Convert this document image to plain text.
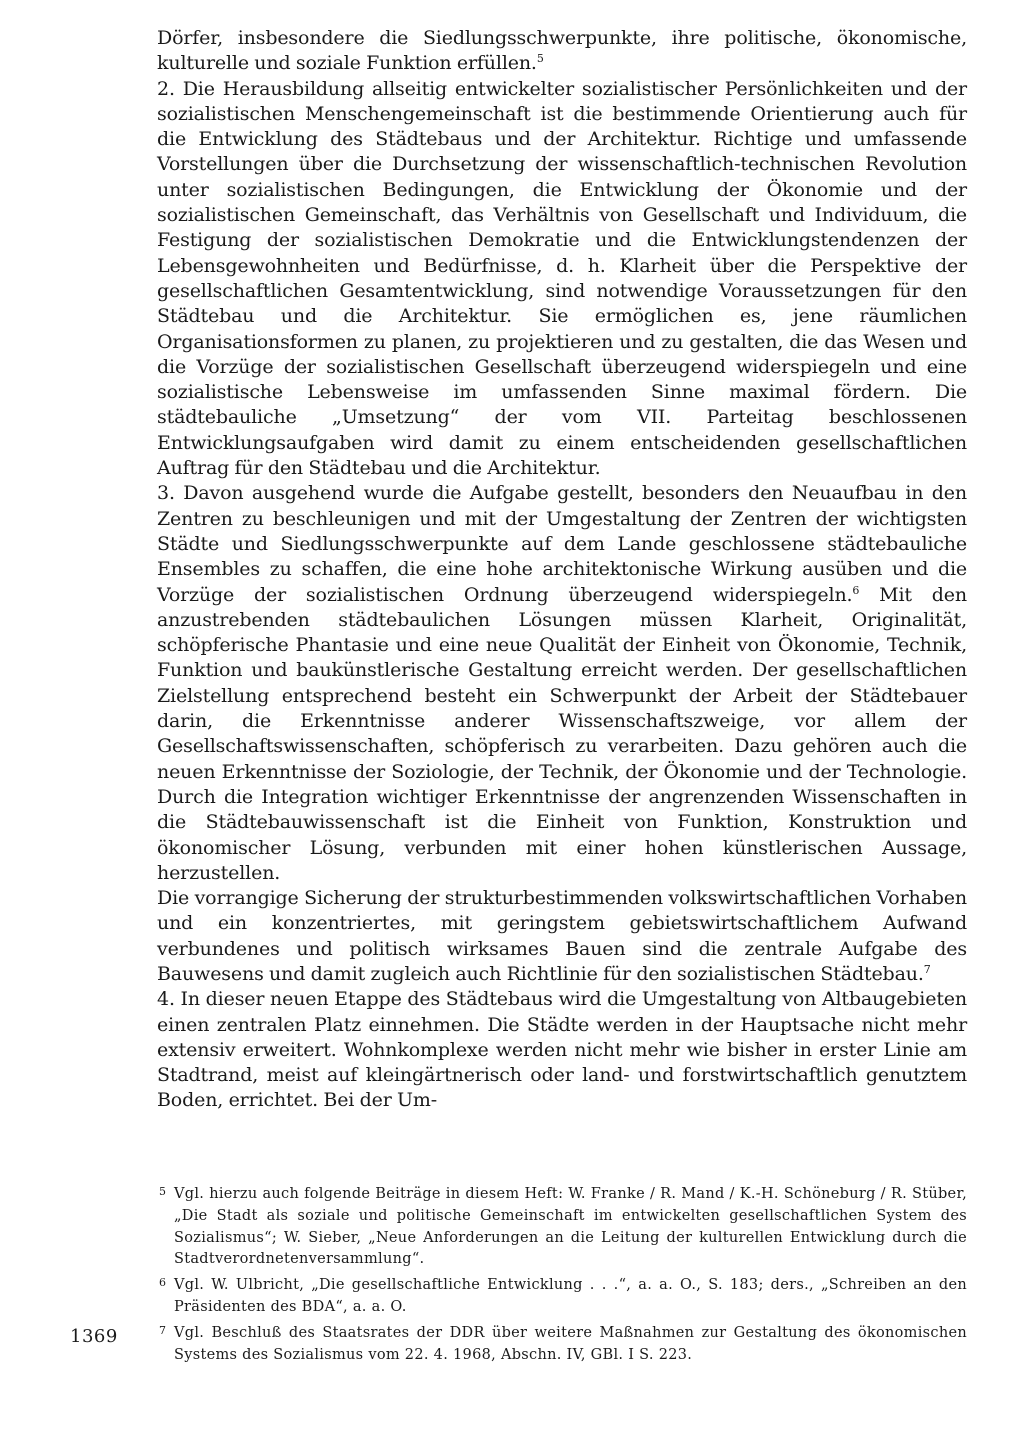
Dörfer, insbesondere die Siedlungsschwerpunkte, ihre politische, ökonomische, kulturelle und soziale Funktion erfüllen.$^5$

2. Die Herausbildung allseitig entwickelter sozialistischer Persönlichkeiten und der sozialistischen Menschengemeinschaft ist die bestimmende Orientierung auch für die Entwicklung des Städtebaus und der Architektur. Richtige und umfassende Vorstellungen über die Durchsetzung der wissenschaftlich-technischen Revolution unter sozialistischen Bedingungen, die Entwicklung der Ökonomie und der sozialistischen Gemeinschaft, das Verhältnis von Gesellschaft und Individuum, die Festigung der sozialistischen Demokratie und die Entwicklungstendenzen der Lebensgewohnheiten und Bedürfnisse, d. h. Klarheit über die Perspektive der gesellschaftlichen Gesamtentwicklung, sind notwendige Voraussetzungen für den Städtebau und die Architektur. Sie ermöglichen es, jene räumlichen Organisationsformen zu planen, zu projektieren und zu gestalten, die das Wesen und die Vorzüge der sozialistischen Gesellschaft überzeugend widerspiegeln und eine sozialistische Lebensweise im umfassenden Sinne maximal fördern. Die städtebauliche „Umsetzung“ der vom VII. Parteitag beschlossenen Entwicklungsaufgaben wird damit zu einem entscheidenden gesellschaftlichen Auftrag für den Städtebau und die Architektur.

3. Davon ausgehend wurde die Aufgabe gestellt, besonders den Neuaufbau in den Zentren zu beschleunigen und mit der Umgestaltung der Zentren der wichtigsten Städte und Siedlungsschwerpunkte auf dem Lande geschlossene städtebauliche Ensembles zu schaffen, die eine hohe architektonische Wirkung ausüben und die Vorzüge der sozialistischen Ordnung überzeugend widerspiegeln.$^6$ Mit den anzustrebenden städtebaulichen Lösungen müssen Klarheit, Originalität, schöpferische Phantasie und eine neue Qualität der Einheit von Ökonomie, Technik, Funktion und baukünstlerische Gestaltung erreicht werden. Der gesellschaftlichen Zielstellung entsprechend besteht ein Schwerpunkt der Arbeit der Städtebauer darin, die Erkenntnisse anderer Wissenschaftszweige, vor allem der Gesellschaftswissenschaften, schöpferisch zu verarbeiten. Dazu gehören auch die neuen Erkenntnisse der Soziologie, der Technik, der Ökonomie und der Technologie. Durch die Integration wichtiger Erkenntnisse der angrenzenden Wissenschaften in die Städtebauwissenschaft ist die Einheit von Funktion, Konstruktion und ökonomischer Lösung, verbunden mit einer hohen künstlerischen Aussage, herzustellen.

Die vorrangige Sicherung der strukturbestimmenden volkswirtschaftlichen Vorhaben und ein konzentriertes, mit geringstem gebietswirtschaftlichem Aufwand verbundenes und politisch wirksames Bauen sind die zentrale Aufgabe des Bauwesens und damit zugleich auch Richtlinie für den sozialistischen Städtebau.$^7$

4. In dieser neuen Etappe des Städtebaus wird die Umgestaltung von Altbaugebieten einen zentralen Platz einnehmen. Die Städte werden in der Hauptsache nicht mehr extensiv erweitert. Wohnkomplexe werden nicht mehr wie bisher in erster Linie am Stadtrand, meist auf kleingärtnerisch oder land- und forstwirtschaftlich genutztem Boden, errichtet. Bei der Um-

5 Vgl. hierzu auch folgende Beiträge in diesem Heft: W. Franke / R. Mand / K.-H. Schöneburg / R. Stüber, „Die Stadt als soziale und politische Gemeinschaft im entwickelten gesellschaftlichen System des Sozialismus“; W. Sieber, „Neue Anforderungen an die Leitung der kulturellen Entwicklung durch die Stadtverordnetenversammlung“.
6 Vgl. W. Ulbricht, „Die gesellschaftliche Entwicklung . . .“, a. a. O., S. 183; ders., „Schreiben an den Präsidenten des BDA“, a. a. O.
7 Vgl. Beschluß des Staatsrates der DDR über weitere Maßnahmen zur Gestaltung des ökonomischen Systems des Sozialismus vom 22. 4. 1968, Abschn. IV, GBl. I S. 223.
1369
